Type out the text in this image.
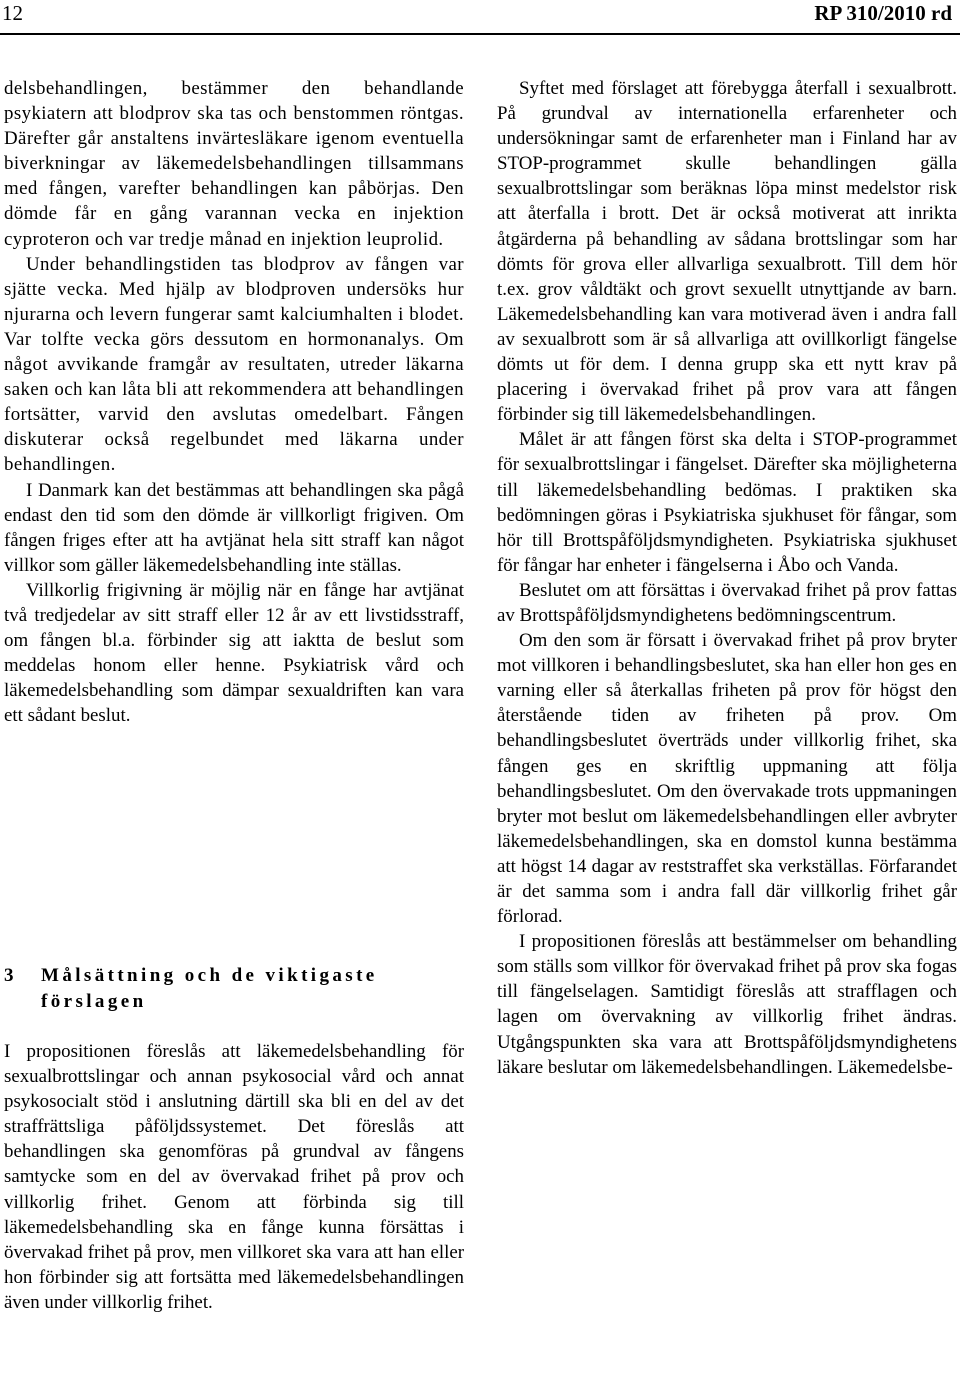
12	RP 310/2010 rd

delsbehandlingen, bestämmer den behandlande psykiatern att blodprov ska tas och benstommen röntgas. Därefter går anstaltens invärtesläkare igenom eventuella biverkningar av läkemedelsbehandlingen tillsammans med fången, varefter behandlingen kan påbörjas. Den dömde får en gång varannan vecka en injektion cyproteron och var tredje månad en injektion leuprolid.

Under behandlingstiden tas blodprov av fången var sjätte vecka. Med hjälp av blodproven undersöks hur njurarna och levern fungerar samt kalciumhalten i blodet. Var tolfte vecka görs dessutom en hormonanalys. Om något avvikande framgår av resultaten, utreder läkarna saken och kan låta bli att rekommendera att behandlingen fortsätter, varvid den avslutas omedelbart. Fången diskuterar också regelbundet med läkarna under behandlingen.

I Danmark kan det bestämmas att behandlingen ska pågå endast den tid som den dömde är villkorligt frigiven. Om fången friges efter att ha avtjänat hela sitt straff kan något villkor som gäller läkemedelsbehandling inte ställas.

Villkorlig frigivning är möjlig när en fånge har avtjänat två tredjedelar av sitt straff eller 12 år av ett livstidsstraff, om fången bl.a. förbinder sig att iaktta de beslut som meddelas honom eller henne. Psykiatrisk vård och läkemedelsbehandling som dämpar sexualdriften kan vara ett sådant beslut.

3	Målsättning och de viktigaste förslagen

I propositionen föreslås att läkemedelsbehandling för sexualbrottslingar och annan psykosocial vård och annat psykosocialt stöd i anslutning därtill ska bli en del av det straffrättsliga påföljdssystemet. Det föreslås att behandlingen ska genomföras på grundval av fångens samtycke som en del av övervakad frihet på prov och villkorlig frihet. Genom att förbinda sig till läkemedelsbehandling ska en fånge kunna försättas i övervakad frihet på prov, men villkoret ska vara att han eller hon förbinder sig att fortsätta med läkemedelsbehandlingen även under villkorlig frihet.

Syftet med förslaget att förebygga återfall i sexualbrott. På grundval av internationella erfarenheter och undersökningar samt de erfarenheter man i Finland har av STOP-programmet skulle behandlingen gälla sexualbrottslingar som beräknas löpa minst medelstor risk att återfalla i brott. Det är också motiverat att inrikta åtgärderna på behandling av sådana brottslingar som har dömts för grova eller allvarliga sexualbrott. Till dem hör t.ex. grov våldtäkt och grovt sexuellt utnyttjande av barn. Läkemedelsbehandling kan vara motiverad även i andra fall av sexualbrott som är så allvarliga att ovillkorligt fängelse dömts ut för dem. I denna grupp ska ett nytt krav på placering i övervakad frihet på prov vara att fången förbinder sig till läkemedelsbehandlingen.

Målet är att fången först ska delta i STOP-programmet för sexualbrottslingar i fängelset. Därefter ska möjligheterna till läkemedelsbehandling bedömas. I praktiken ska bedömningen göras i Psykiatriska sjukhuset för fångar, som hör till Brottspåföljdsmyndigheten. Psykiatriska sjukhuset för fångar har enheter i fängelserna i Åbo och Vanda.

Beslutet om att försättas i övervakad frihet på prov fattas av Brottspåföljdsmyndighetens bedömningscentrum.

Om den som är försatt i övervakad frihet på prov bryter mot villkoren i behandlingsbeslutet, ska han eller hon ges en varning eller så återkallas friheten på prov för högst den återstående tiden av friheten på prov. Om behandlingsbeslutet överträds under villkorlig frihet, ska fången ges en skriftlig uppmaning att följa behandlingsbeslutet. Om den övervakade trots uppmaningen bryter mot beslut om läkemedelsbehandlingen eller avbryter läkemedelsbehandlingen, ska en domstol kunna bestämma att högst 14 dagar av reststraffet ska verkställas. Förfarandet är det samma som i andra fall där villkorlig frihet går förlorad.

I propositionen föreslås att bestämmelser om behandling som ställs som villkor för övervakad frihet på prov ska fogas till fängelselagen. Samtidigt föreslås att strafflagen och lagen om övervakning av villkorlig frihet ändras. Utgångspunkten ska vara att Brottspåföljdsmyndighetens läkare beslutar om läkemedelsbehandlingen. Läkemedelsbe-
